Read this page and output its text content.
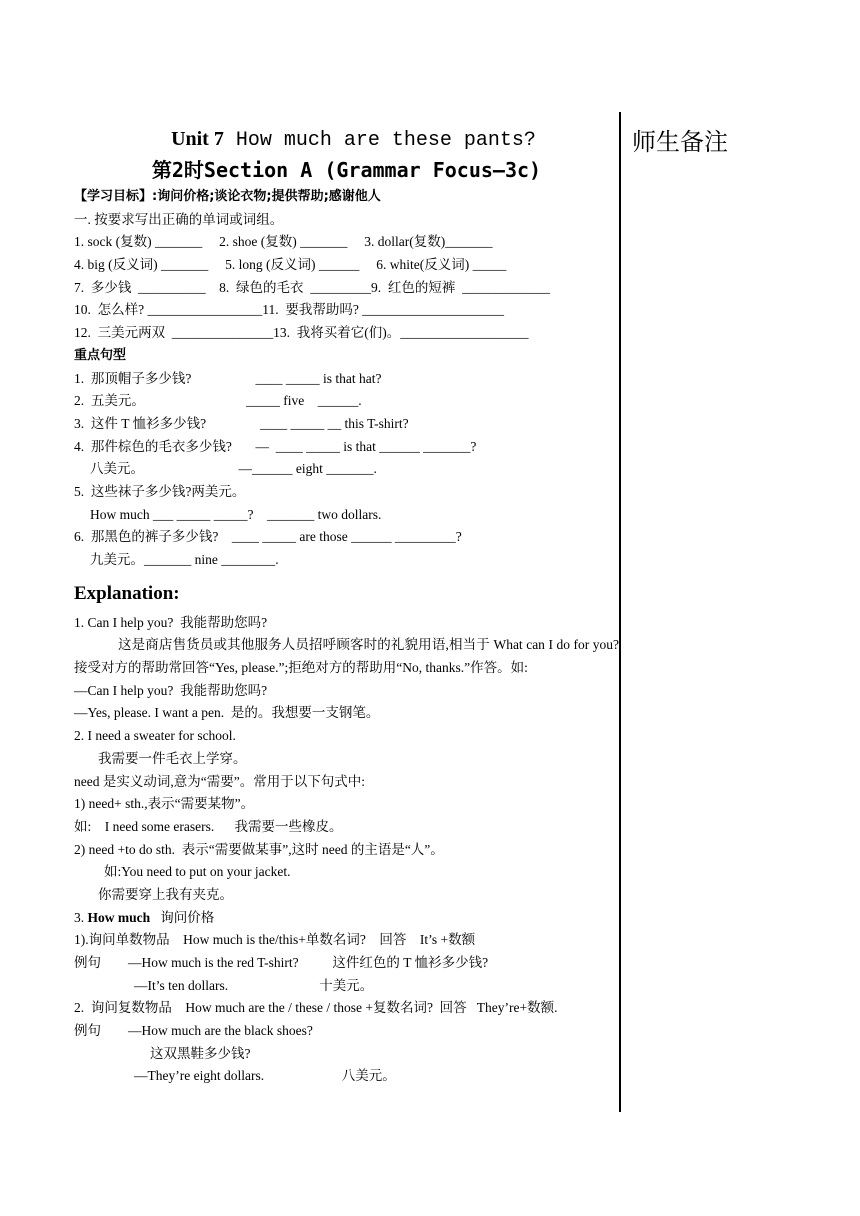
师生备注
Unit 7 How much are these pants?
第2时Section A (Grammar Focus—3c)
【学习目标】:询问价格;谈论衣物;提供帮助;感谢他人
一. 按要求写出正确的单词或词组。
1. sock (复数) _______     2. shoe (复数) _______     3. dollar(复数)_______
4. big (反义词) _______     5. long (反义词) ______     6. white(反义词) _____
7.  多少钱  __________    8.  绿色的毛衣  _________9.  红色的短裤  _____________
10.  怎么样? _________________11.  要我帮助吗? _____________________
12.  三美元两双  _______________13.  我将买着它(们)。___________________
重点句型
1.  那顶帽子多少钱?                   ____ _____ is that hat?
2.  五美元。                              _____ five    ______.
3.  这件 T 恤衫多少钱?                ____ _____ __ this T-shirt?
4.  那件棕色的毛衣多少钱?       —  ____ _____ is that ______ _______?
八美元。                            —______ eight _______.
5.  这些袜子多少钱?两美元。
How much ___ _____ _____?    _______ two dollars.
6.  那黑色的裤子多少钱?    ____ _____ are those ______ _________?
九美元。_______ nine ________.
Explanation:
1. Can I help you?  我能帮助您吗?
这是商店售货员或其他服务人员招呼顾客时的礼貌用语,相当于 What can I do for you?接受对方的帮助常回答“Yes, please.”;拒绝对方的帮助用“No, thanks.”作答。如:
—Can I help you?  我能帮助您吗?
—Yes, please. I want a pen.  是的。我想要一支钢笔。
2. I need a sweater for school.
我需要一件毛衣上学穿。
need 是实义动词,意为“需要”。常用于以下句式中:
1) need+ sth.,表示“需要某物”。
如:    I need some erasers.      我需要一些橡皮。
2) need +to do sth.  表示“需要做某事”,这时 need 的主语是“人”。
如:You need to put on your jacket.
你需要穿上我有夹克。
3. How much   询问价格
1).询问单数物品    How much is the/this+单数名词?    回答    It’s +数额
例句        —How much is the red T-shirt?          这件红色的 T 恤衫多少钱?
—It’s ten dollars.                           十美元。
2.  询问复数物品    How much are the / these / those +复数名词?  回答   They’re+数额.
例句        —How much are the black shoes?
这双黑鞋多少钱?
—They’re eight dollars.                       八美元。
